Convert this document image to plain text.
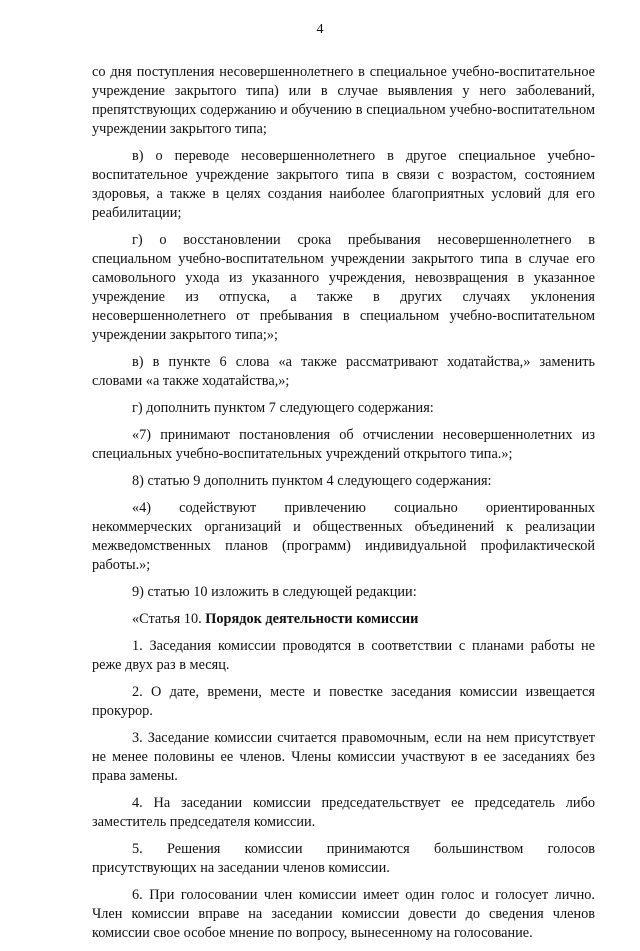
4

со дня поступления несовершеннолетнего в специальное учебно-воспитательное учреждение закрытого типа) или в случае выявления у него заболеваний, препятствующих содержанию и обучению в специальном учебно-воспитательном учреждении закрытого типа;

в) о переводе несовершеннолетнего в другое специальное учебно-воспитательное учреждение закрытого типа в связи с возрастом, состоянием здоровья, а также в целях создания наиболее благоприятных условий для его реабилитации;

г) о восстановлении срока пребывания несовершеннолетнего в специальном учебно-воспитательном учреждении закрытого типа в случае его самовольного ухода из указанного учреждения, невозвращения в указанное учреждение из отпуска, а также в других случаях уклонения несовершеннолетнего от пребывания в специальном учебно-воспитательном учреждении закрытого типа;»;

в) в пункте 6 слова «а также рассматривают ходатайства,» заменить словами «а также ходатайства,»;

г) дополнить пунктом 7 следующего содержания:

«7) принимают постановления об отчислении несовершеннолетних из специальных учебно-воспитательных учреждений открытого типа.»;

8) статью 9 дополнить пунктом 4 следующего содержания:

«4) содействуют привлечению социально ориентированных некоммерческих организаций и общественных объединений к реализации межведомственных планов (программ) индивидуальной профилактической работы.»;

9) статью 10 изложить в следующей редакции:

«Статья 10. Порядок деятельности комиссии

1. Заседания комиссии проводятся в соответствии с планами работы не реже двух раз в месяц.

2. О дате, времени, месте и повестке заседания комиссии извещается прокурор.

3. Заседание комиссии считается правомочным, если на нем присутствует не менее половины ее членов. Члены комиссии участвуют в ее заседаниях без права замены.

4. На заседании комиссии председательствует ее председатель либо заместитель председателя комиссии.

5. Решения комиссии принимаются большинством голосов присутствующих на заседании членов комиссии.

6. При голосовании член комиссии имеет один голос и голосует лично. Член комиссии вправе на заседании комиссии довести до сведения членов комиссии свое особое мнение по вопросу, вынесенному на голосование.
